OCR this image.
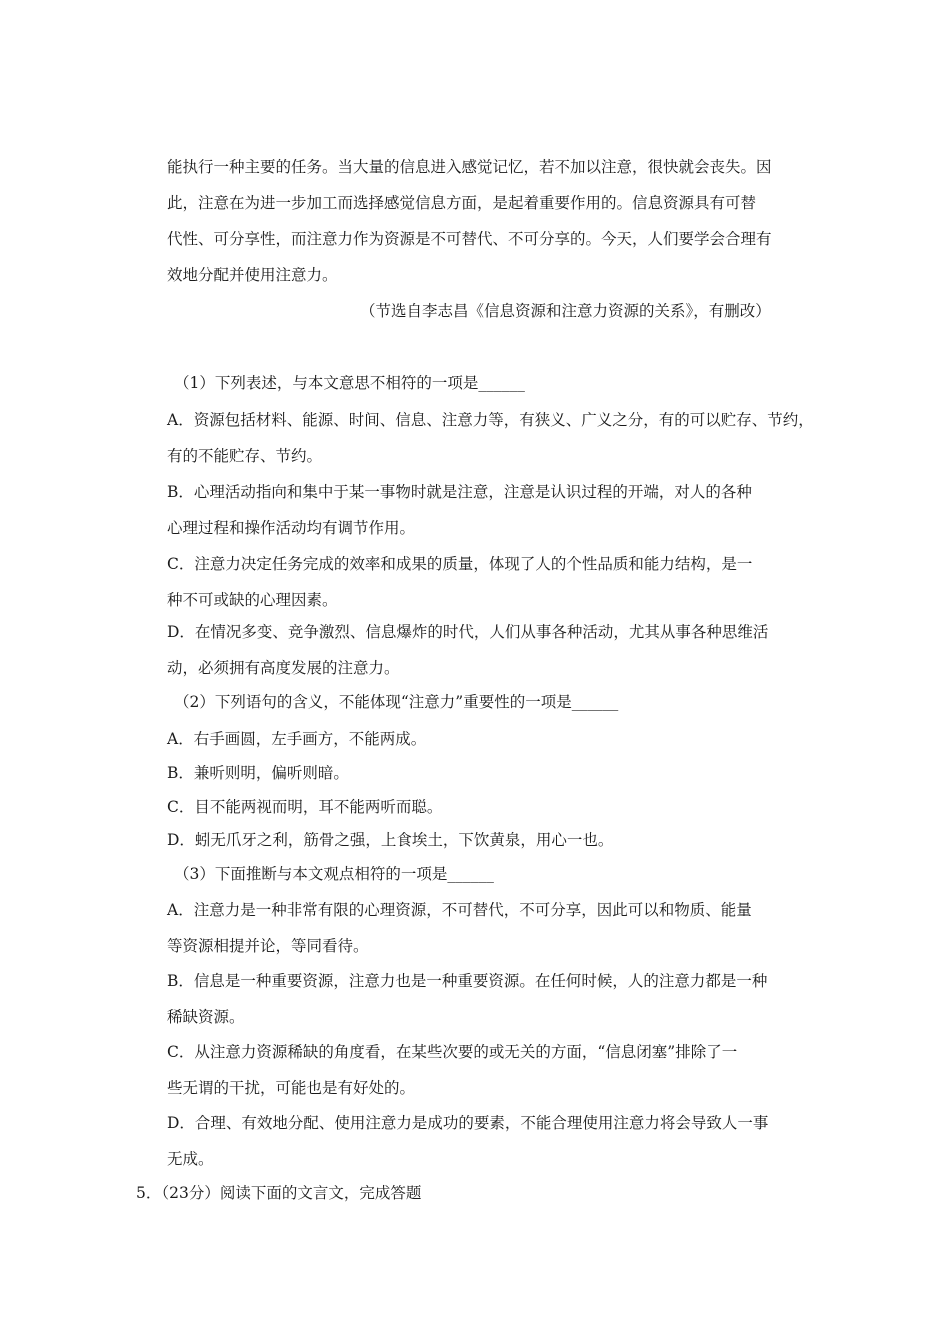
能执行一种主要的任务。当大量的信息进入感觉记忆，若不加以注意，很快就会丧失。因
此，注意在为进一步加工而选择感觉信息方面，是起着重要作用的。信息资源具有可替
代性、可分享性，而注意力作为资源是不可替代、不可分享的。今天，人们要学会合理有
效地分配并使用注意力。
（节选自李志昌《信息资源和注意力资源的关系》，有删改）
（1）下列表述，与本文意思不相符的一项是______
A．资源包括材料、能源、时间、信息、注意力等，有狭义、广义之分，有的可以贮存、节约，
有的不能贮存、节约。
B．心理活动指向和集中于某一事物时就是注意，注意是认识过程的开端，对人的各种
心理过程和操作活动均有调节作用。
C．注意力决定任务完成的效率和成果的质量，体现了人的个性品质和能力结构，是一
种不可或缺的心理因素。
D．在情况多变、竞争激烈、信息爆炸的时代，人们从事各种活动，尤其从事各种思维活
动，必须拥有高度发展的注意力。
（2）下列语句的含义，不能体现“注意力”重要性的一项是______
A．右手画圆，左手画方，不能两成。
B．兼听则明，偏听则暗。
C．目不能两视而明，耳不能两听而聪。
D．蚓无爪牙之利，筋骨之强，上食埃土，下饮黄泉，用心一也。
（3）下面推断与本文观点相符的一项是______
A．注意力是一种非常有限的心理资源，不可替代，不可分享，因此可以和物质、能量
等资源相提并论，等同看待。
B．信息是一种重要资源，注意力也是一种重要资源。在任何时候，人的注意力都是一种
稀缺资源。
C．从注意力资源稀缺的角度看，在某些次要的或无关的方面，“信息闭塞”排除了一
些无谓的干扰，可能也是有好处的。
D．合理、有效地分配、使用注意力是成功的要素，不能合理使用注意力将会导致人一事
无成。
5．（23分）阅读下面的文言文，完成答题
